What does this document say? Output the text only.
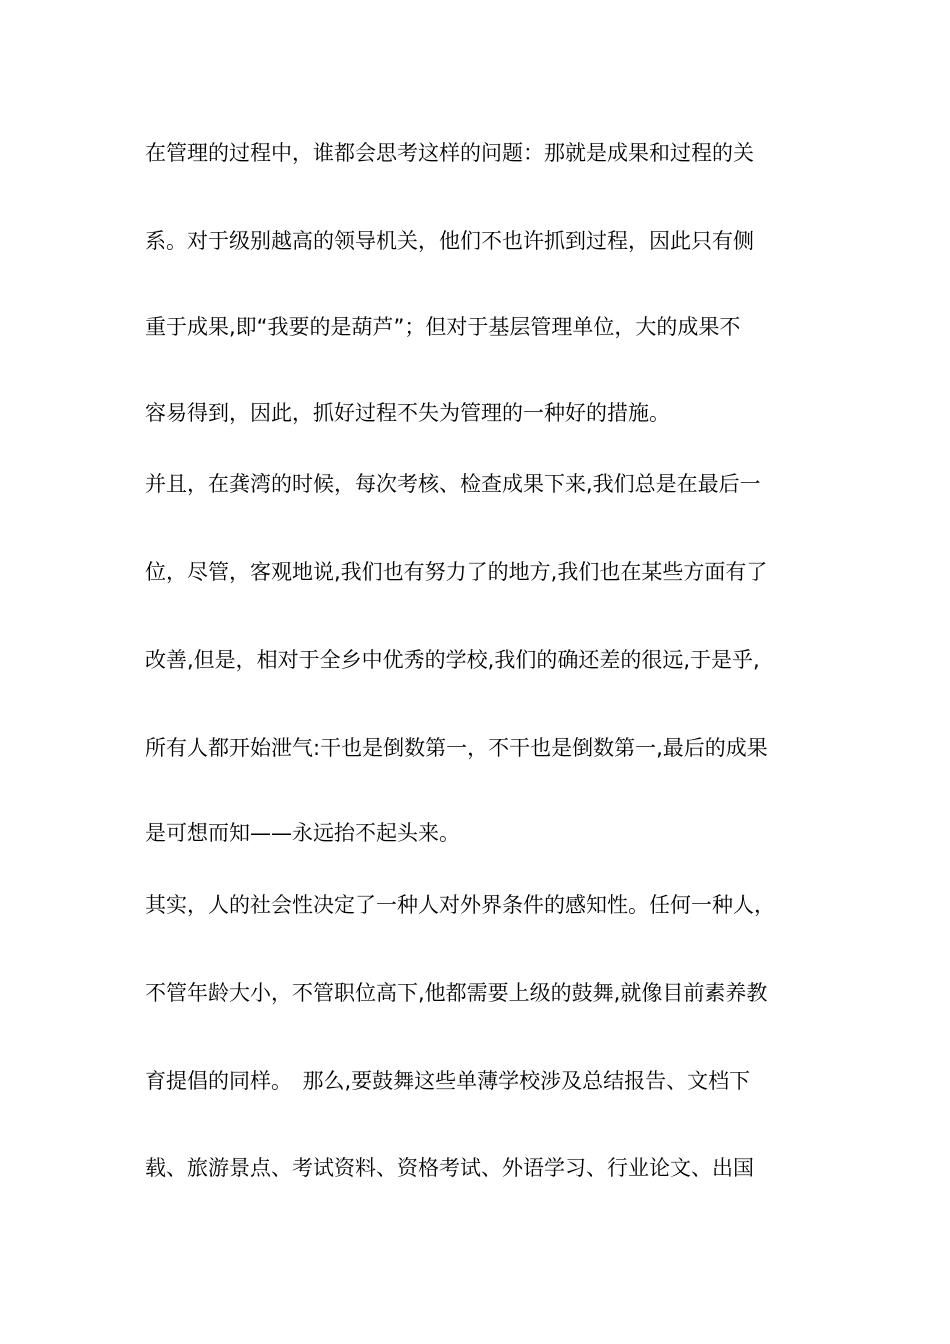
在管理的过程中，谁都会思考这样的问题：那就是成果和过程的关
系。对于级别越高的领导机关，他们不也许抓到过程，因此只有侧
重于成果,即“我要的是葫芦”；但对于基层管理单位，大的成果不
容易得到，因此，抓好过程不失为管理的一种好的措施。
并且，在龚湾的时候，每次考核、检查成果下来,我们总是在最后一
位，尽管，客观地说,我们也有努力了的地方,我们也在某些方面有了
改善,但是，相对于全乡中优秀的学校,我们的确还差的很远,于是乎,
所有人都开始泄气:干也是倒数第一，不干也是倒数第一,最后的成果
是可想而知——永远抬不起头来。
其实，人的社会性决定了一种人对外界条件的感知性。任何一种人，
不管年龄大小，不管职位高下,他都需要上级的鼓舞,就像目前素养教
育提倡的同样。　那么,要鼓舞这些单薄学校涉及总结报告、文档下
载、旅游景点、考试资料、资格考试、外语学习、行业论文、出国
